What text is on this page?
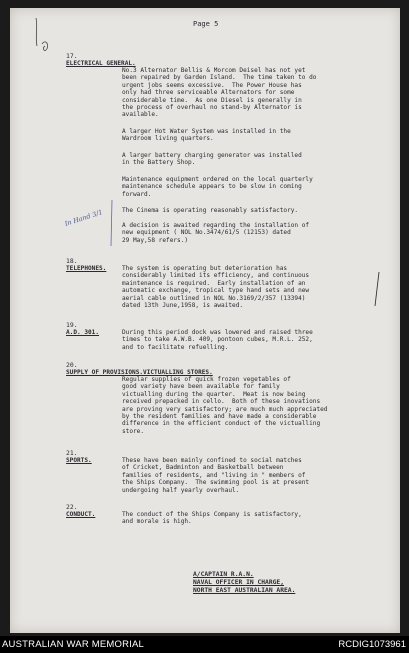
Page 5
17.
ELECTRICAL GENERAL.
No.3 Alternator Bellis & Morcom Deisel has not yet
been repaired by Garden Island.  The time taken to do
urgent jobs seems excessive.  The Power House has
only had three serviceable Alternators for some
considerable time.  As one Diesel is generally in
the process of overhaul no stand-by Alternator is
available.
A larger Hot Water System was installed in the
Wardroom living quarters.
A larger battery charging generator was installed
in the Battery Shop.
Maintenance equipment ordered on the local quarterly
maintenance schedule appears to be slow in coming
forward.
The Cinema is operating reasonably satisfactory.
A decision is awaited regarding the installation of
new equipment ( NOL No.3474/61/5 (12153) dated
29 May,58 refers.)
In Hand 3/1
18.
TELEPHONES.	The system is operating but deterioration has
considerably limited its efficiency, and continuous
maintenance is required.  Early installation of an
automatic exchange, tropical type hand sets and new
aerial cable outlined in NOL No.3169/2/357 (13394)
dated 13th June,1958, is awaited.
19.
A.D. 301.	During this period dock was lowered and raised three
times to take A.W.B. 409, pontoon cubes, M.R.L. 252,
and to facilitate refuelling.
20.
SUPPLY OF PROVISIONS.VICTUALLING STORES.
Regular supplies of quick frozen vegetables of
good variety have been available for family
victualling during the quarter.  Meat is now being
received prepacked in cello.  Both of these inovations
are proving very satisfactory; are much much appreciated
by the resident families and have made a considerable
difference in the efficient conduct of the victualling
store.
21.
SPORTS.	These have been mainly confined to social matches
of Cricket, Badminton and Basketball between
families of residents, and "living in " members of
the Ships Company.  The swimming pool is at present
undergoing half yearly overhaul.
22.
CONDUCT.	The conduct of the Ships Company is satisfactory,
and morale is high.
A/CAPTAIN R.A.N.
NAVAL OFFICER IN CHARGE,
NORTH EAST AUSTRALIAN AREA.
AUSTRALIAN WAR MEMORIAL	RCDIG1073961
